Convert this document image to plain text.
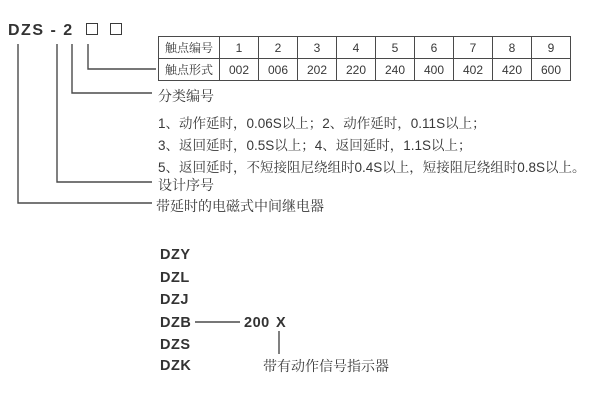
DZS - 2
触点编号	1	2	3	4	5	6	7	8	9
触点形式	002	006	202	220	240	400	402	420	600
分类编号
1、动作延时，0.06S以上；2、动作延时，0.11S以上；
3、返回延时，0.5S以上；4、返回延时，1.1S以上；
5、返回延时，不短接阻尼绕组时0.4S以上，短接阻尼绕组时0.8S以上。
设计序号
带延时的电磁式中间继电器
DZY
DZL
DZJ
DZB
DZS
DZK
200 X
带有动作信号指示器
